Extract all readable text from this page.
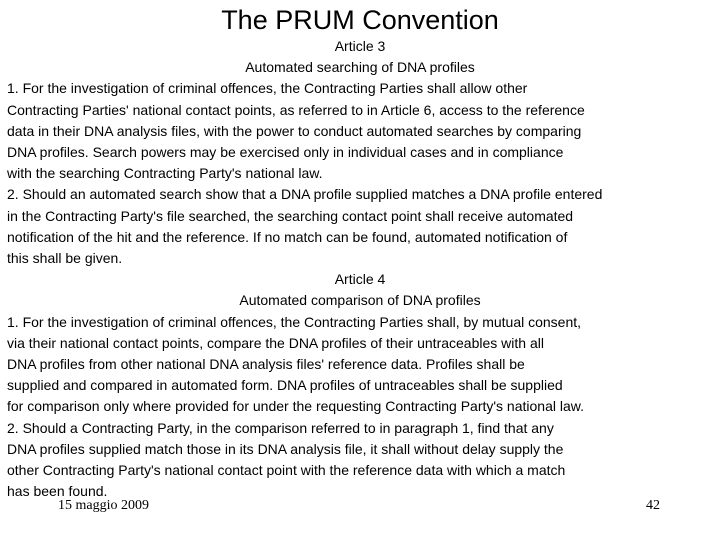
The PRUM Convention
Article 3
Automated searching of DNA profiles
1. For the investigation of criminal offences, the Contracting Parties shall allow other
Contracting Parties' national contact points, as referred to in Article 6, access to the reference
data in their DNA analysis files, with the power to conduct automated searches by comparing
DNA profiles. Search powers may be exercised only in individual cases and in compliance
with the searching Contracting Party's national law.
2. Should an automated search show that a DNA profile supplied matches a DNA profile entered
in the Contracting Party's file searched, the searching contact point shall receive automated
notification of the hit and the reference. If no match can be found, automated notification of
this shall be given.
Article 4
Automated comparison of DNA profiles
1. For the investigation of criminal offences, the Contracting Parties shall, by mutual consent,
via their national contact points, compare the DNA profiles of their untraceables with all
DNA profiles from other national DNA analysis files' reference data. Profiles shall be
supplied and compared in automated form. DNA profiles of untraceables shall be supplied
for comparison only where provided for under the requesting Contracting Party's national law.
2. Should a Contracting Party, in the comparison referred to in paragraph 1, find that any
DNA profiles supplied match those in its DNA analysis file, it shall without delay supply the
other Contracting Party's national contact point with the reference data with which a match
has been found.
15 maggio 2009	42
